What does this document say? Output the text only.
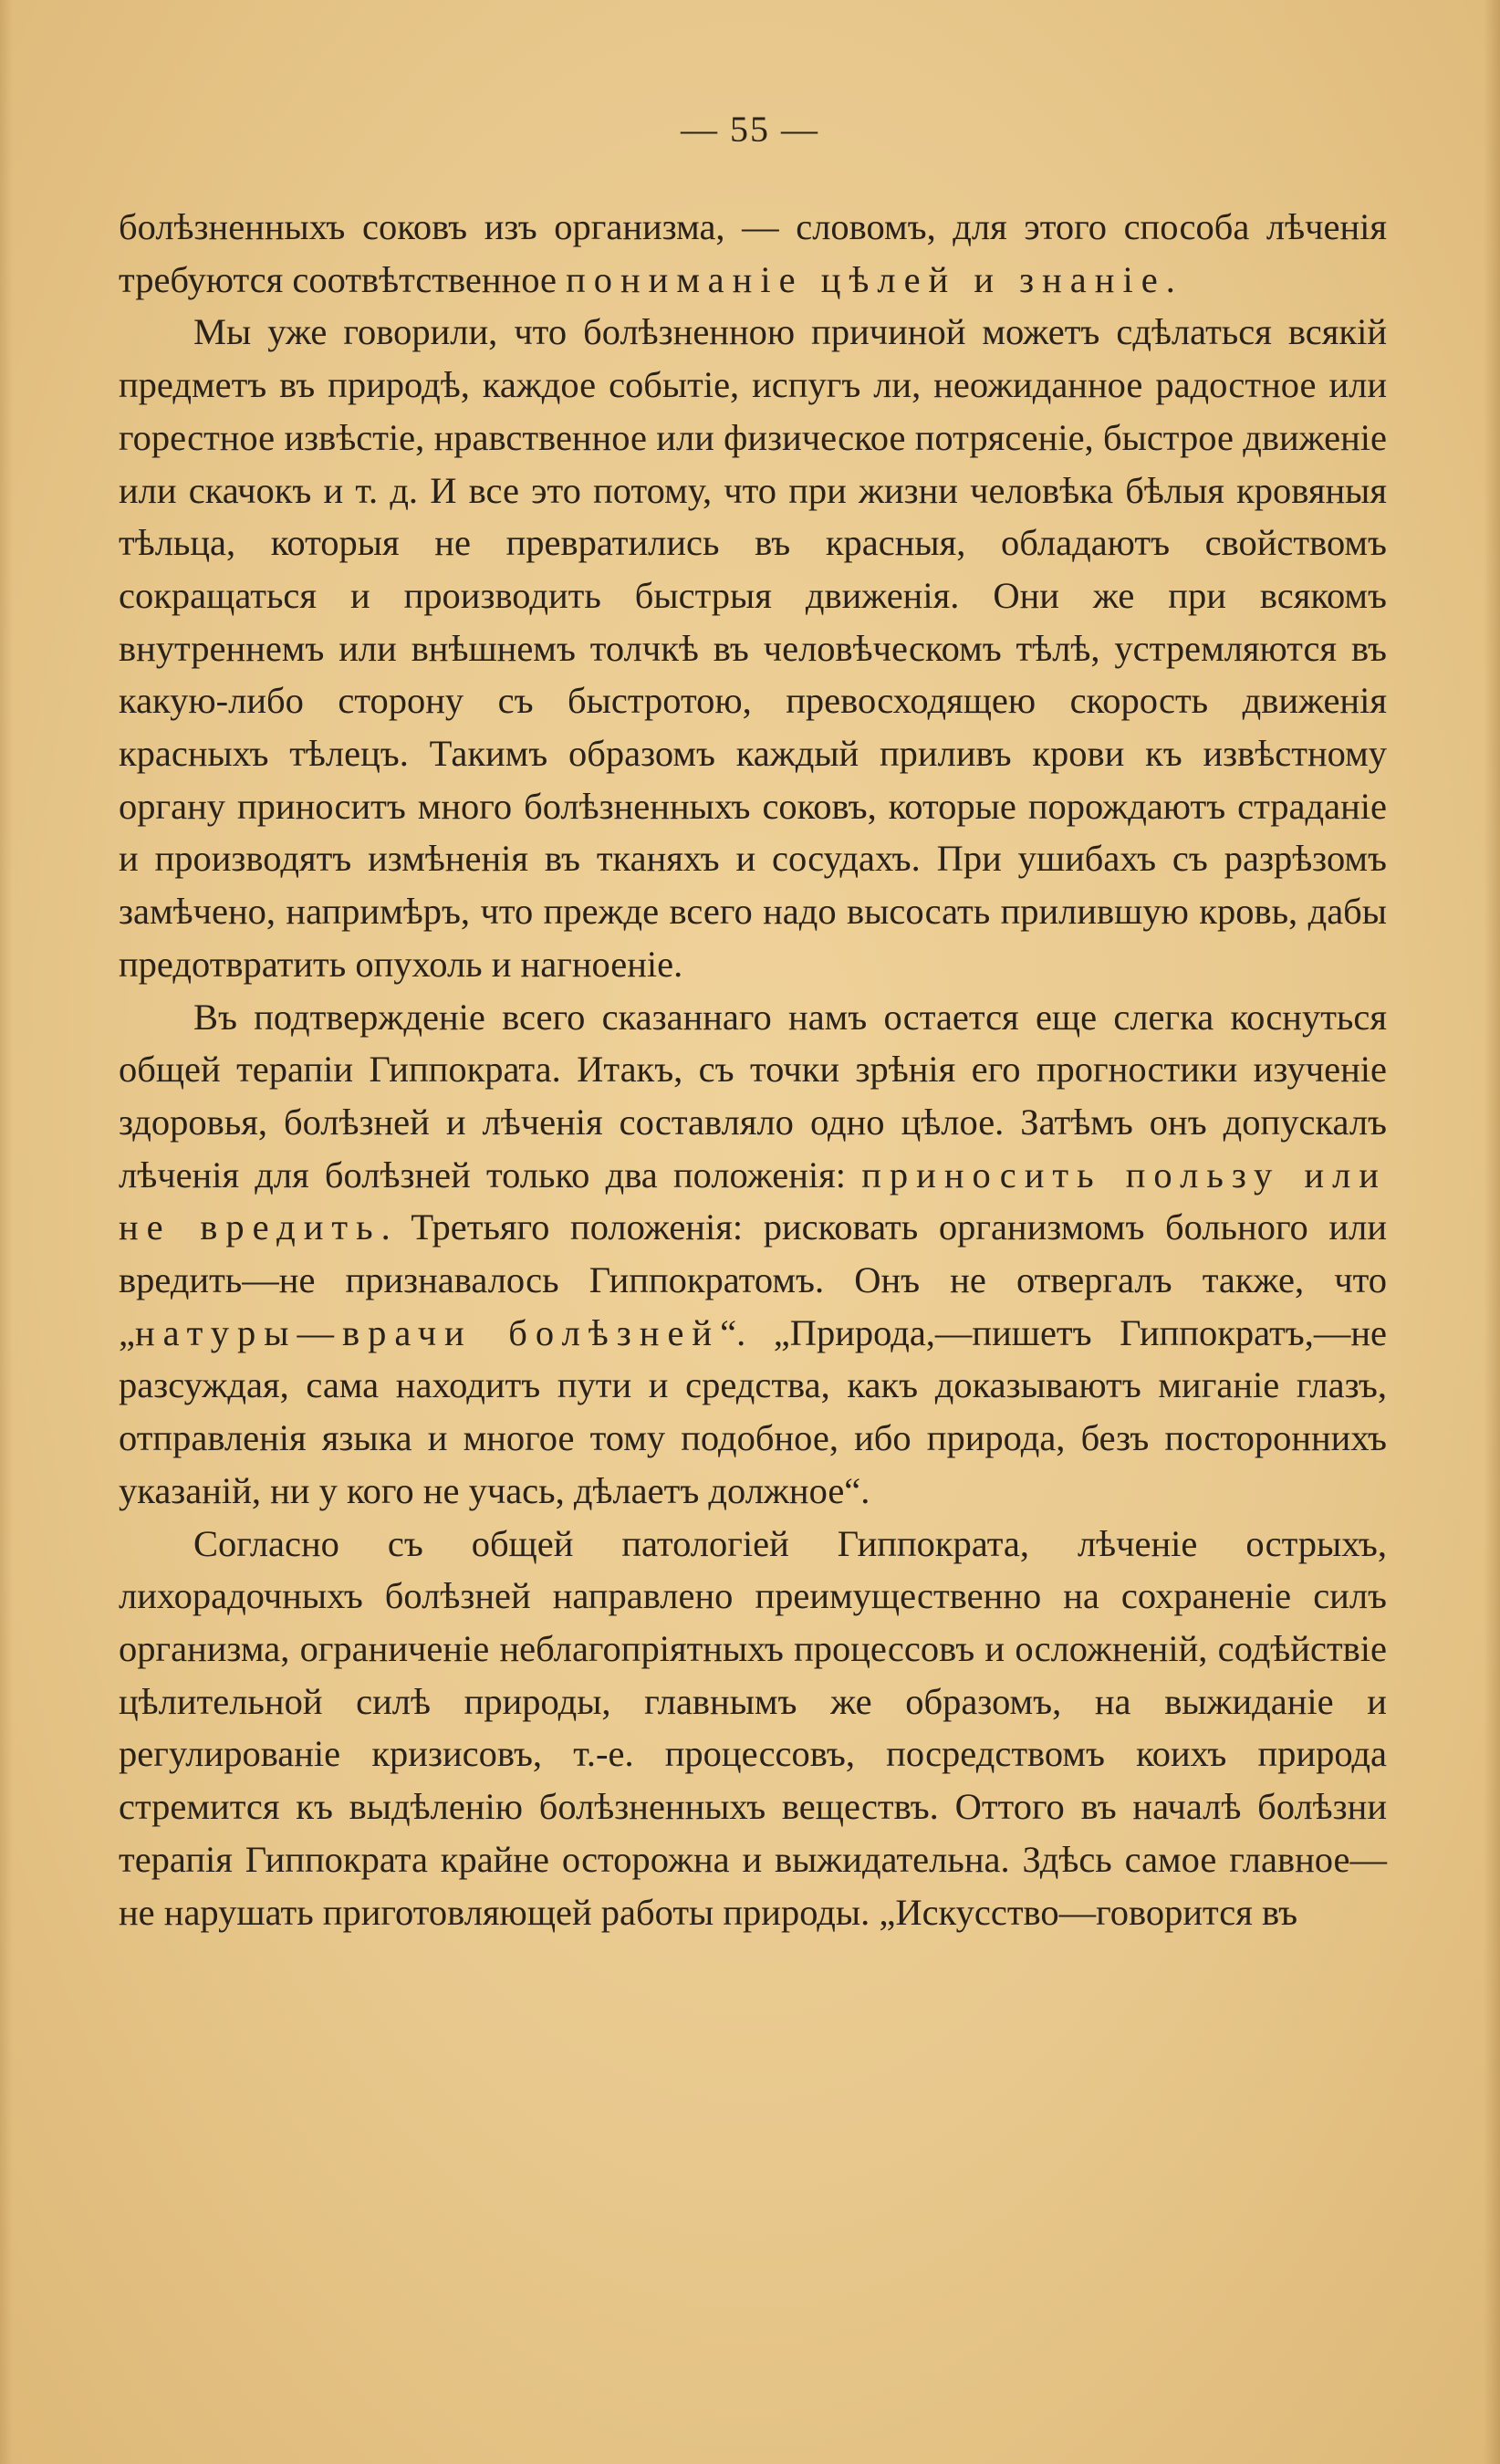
— 55 —

болѣзненныхъ соковъ изъ организма, — словомъ, для этого способа лѣченія требуются соотвѣтственное пониманіе цѣлей и знаніе.

Мы уже говорили, что болѣзненною причиной можетъ сдѣлаться всякій предметъ въ природѣ, каждое событіе, испугъ ли, неожиданное радостное или горестное извѣстіе, нравственное или физическое потрясеніе, быстрое движеніе или скачокъ и т. д. И все это потому, что при жизни человѣка бѣлыя кровяныя тѣльца, которыя не превратились въ красныя, обладаютъ свойствомъ сокращаться и производить быстрыя движенія. Они же при всякомъ внутреннемъ или внѣшнемъ толчкѣ въ человѣческомъ тѣлѣ, устремляются въ какую-либо сторону съ быстротою, превосходящею скорость движенія красныхъ тѣлецъ. Такимъ образомъ каждый приливъ крови къ извѣстному органу приноситъ много болѣзненныхъ соковъ, которые порождаютъ страданіе и производятъ измѣненія въ тканяхъ и сосудахъ. При ушибахъ съ разрѣзомъ замѣчено, напримѣръ, что прежде всего надо высосать прилившую кровь, дабы предотвратить опухоль и нагноеніе.

Въ подтвержденіе всего сказаннаго намъ остается еще слегка коснуться общей терапіи Гиппократа. Итакъ, съ точки зрѣнія его прогностики изученіе здоровья, болѣзней и лѣченія составляло одно цѣлое. Затѣмъ онъ допускалъ лѣченія для болѣзней только два положенія: приносить пользу или не вредить. Третьяго положенія: рисковать организмомъ больного или вредить—не признавалось Гиппократомъ. Онъ не отвергалъ также, что „натуры—врачи болѣзней“. „Природа,—пишетъ Гиппократъ,—не разсуждая, сама находитъ пути и средства, какъ доказываютъ миганіе глазъ, отправленія языка и многое тому подобное, ибо природа, безъ постороннихъ указаній, ни у кого не учась, дѣлаетъ должное“.

Согласно съ общей патологіей Гиппократа, лѣченіе острыхъ, лихорадочныхъ болѣзней направлено преимущественно на сохраненіе силъ организма, ограниченіе неблагопріятныхъ процессовъ и осложненій, содѣйствіе цѣлительной силѣ природы, главнымъ же образомъ, на выжиданіе и регулированіе кризисовъ, т.-е. процессовъ, посредствомъ коихъ природа стремится къ выдѣленію болѣзненныхъ веществъ. Оттого въ началѣ болѣзни терапія Гиппократа крайне осторожна и выжидательна. Здѣсь самое главное—не нарушать приготовляющей работы природы. „Искусство—говорится въ
